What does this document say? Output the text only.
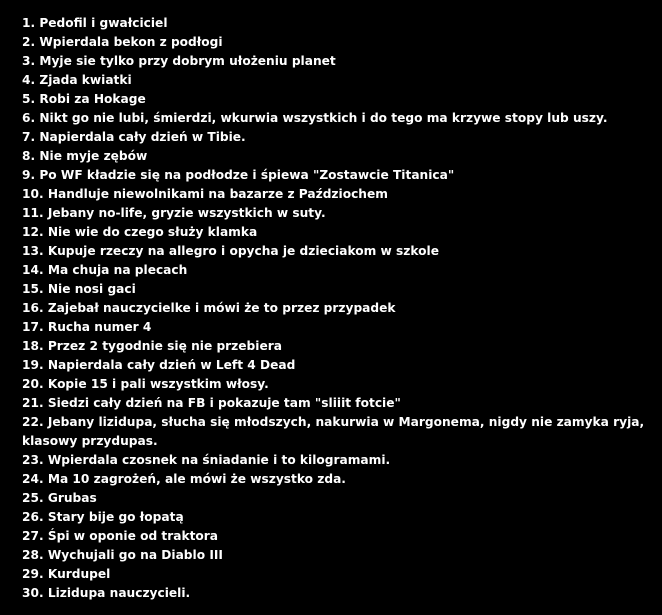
1. Pedofil i gwałciciel
2. Wpierdala bekon z podłogi
3. Myje sie tylko przy dobrym ułożeniu planet
4. Zjada kwiatki
5. Robi za Hokage
6. Nikt go nie lubi, śmierdzi, wkurwia wszystkich i do tego ma krzywe stopy lub uszy.
7. Napierdala cały dzień w Tibie.
8. Nie myje zębów
9. Po WF kładzie się na podłodze i śpiewa "Zostawcie Titanica"
10. Handluje niewolnikami na bazarze z Paździochem
11. Jebany no-life, gryzie wszystkich w suty.
12. Nie wie do czego służy klamka
13. Kupuje rzeczy na allegro i opycha je dzieciakom w szkole
14. Ma chuja na plecach
15. Nie nosi gaci
16. Zajebał nauczycielke i mówi że to przez przypadek
17. Rucha numer 4
18. Przez 2 tygodnie się nie przebiera
19. Napierdala cały dzień w Left 4 Dead
20. Kopie 15 i pali wszystkim włosy.
21. Siedzi cały dzień na FB i pokazuje tam "sliiit fotcie"
22. Jebany lizidupa, słucha się młodszych, nakurwia w Margonema, nigdy nie zamyka ryja, klasowy przydupas.
23. Wpierdala czosnek na śniadanie i to kilogramami.
24. Ma 10 zagrożeń, ale mówi że wszystko zda.
25. Grubas
26. Stary bije go łopatą
27. Śpi w oponie od traktora
28. Wychujali go na Diablo III
29. Kurdupel
30. Lizidupa nauczycieli.
